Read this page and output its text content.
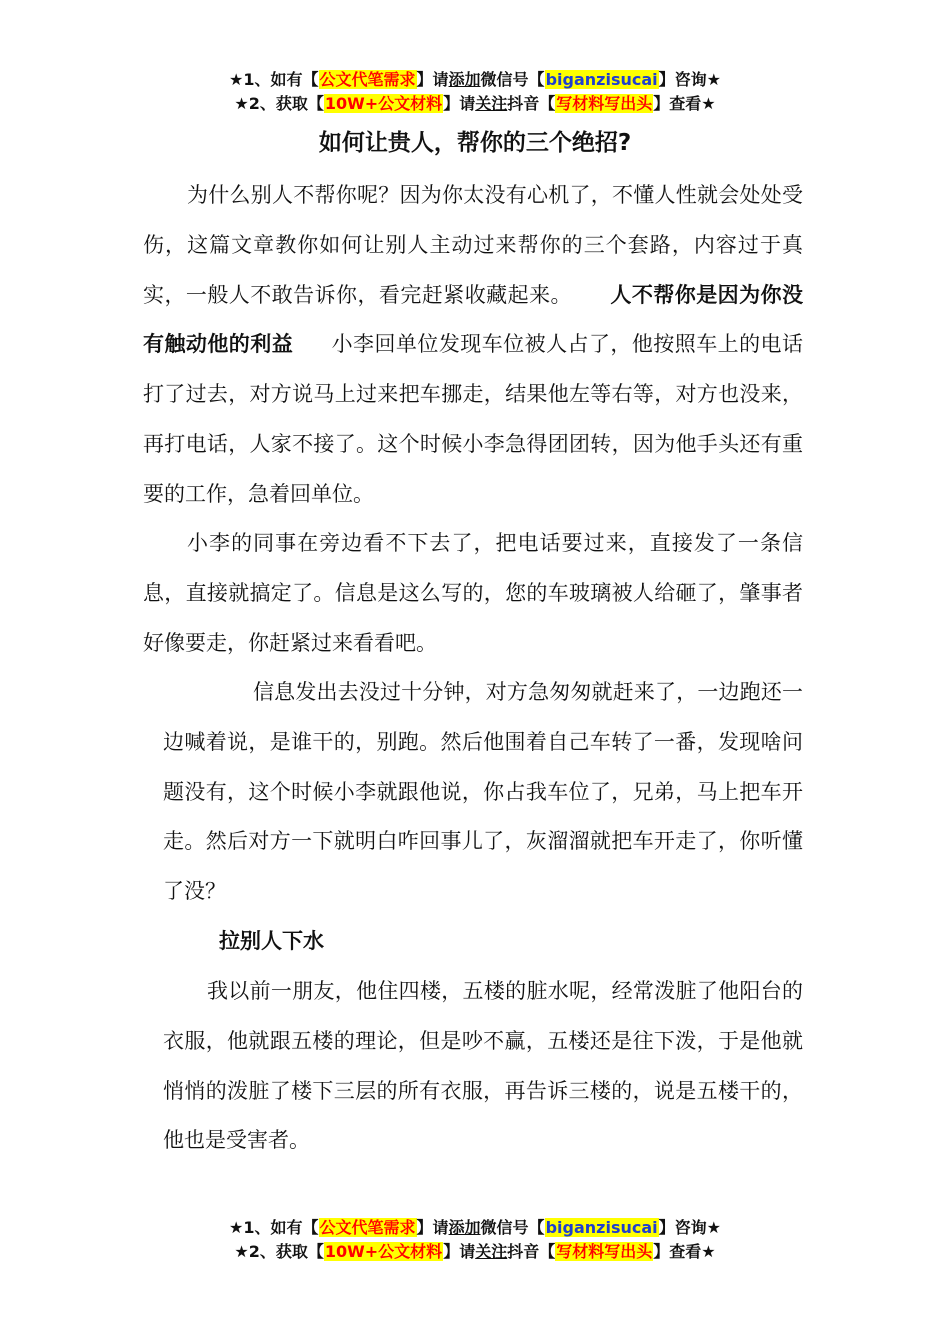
★1、如有【公文代笔需求】请添加微信号【biganzisucai】咨询★
★2、获取【10W+公文材料】请关注抖音【写材料写出头】查看★
如何让贵人，帮你的三个绝招?
为什么别人不帮你呢？因为你太没有心机了，不懂人性就会处处受伤，这篇文章教你如何让别人主动过来帮你的三个套路，内容过于真实，一般人不敢告诉你，看完赶紧收藏起来。 人不帮你是因为你没有触动他的利益 小李回单位发现车位被人占了，他按照车上的电话打了过去，对方说马上过来把车挪走，结果他左等右等，对方也没来，再打电话，人家不接了。这个时候小李急得团团转，因为他手头还有重要的工作，急着回单位。
小李的同事在旁边看不下去了，把电话要过来，直接发了一条信息，直接就搞定了。信息是这么写的，您的车玻璃被人给砸了，肇事者好像要走，你赶紧过来看看吧。
信息发出去没过十分钟，对方急匆匆就赶来了，一边跑还一边喊着说，是谁干的，别跑。然后他围着自己车转了一番，发现啥问题没有，这个时候小李就跟他说，你占我车位了，兄弟，马上把车开走。然后对方一下就明白咋回事儿了，灰溜溜就把车开走了，你听懂了没？
拉别人下水
我以前一朋友，他住四楼，五楼的脏水呢，经常泼脏了他阳台的衣服，他就跟五楼的理论，但是吵不赢，五楼还是往下泼，于是他就悄悄的泼脏了楼下三层的所有衣服，再告诉三楼的，说是五楼干的，他也是受害者。
★1、如有【公文代笔需求】请添加微信号【biganzisucai】咨询★
★2、获取【10W+公文材料】请关注抖音【写材料写出头】查看★
